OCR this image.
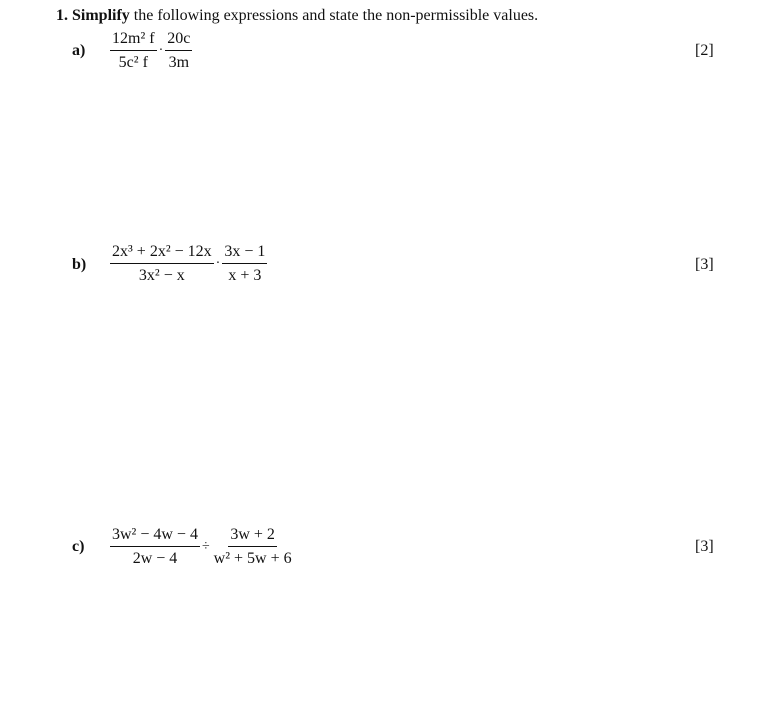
1. Simplify the following expressions and state the non-permissible values.
$a) \frac{\text{12m² f}}{\text{5c² f}} \cdot \frac{20c}{3m}$	[2]
$b) \frac{\text{2x³ + 2x² − 12x}}{\text{3x² − x}} \cdot \frac{3x - 1}{x + 3}$	[3]
$c) \frac{\text{3w² − 4w − 4}}{2w - 4} \div \frac{3w + 2}{\text{w² + 5w + 6}}$	[3]
